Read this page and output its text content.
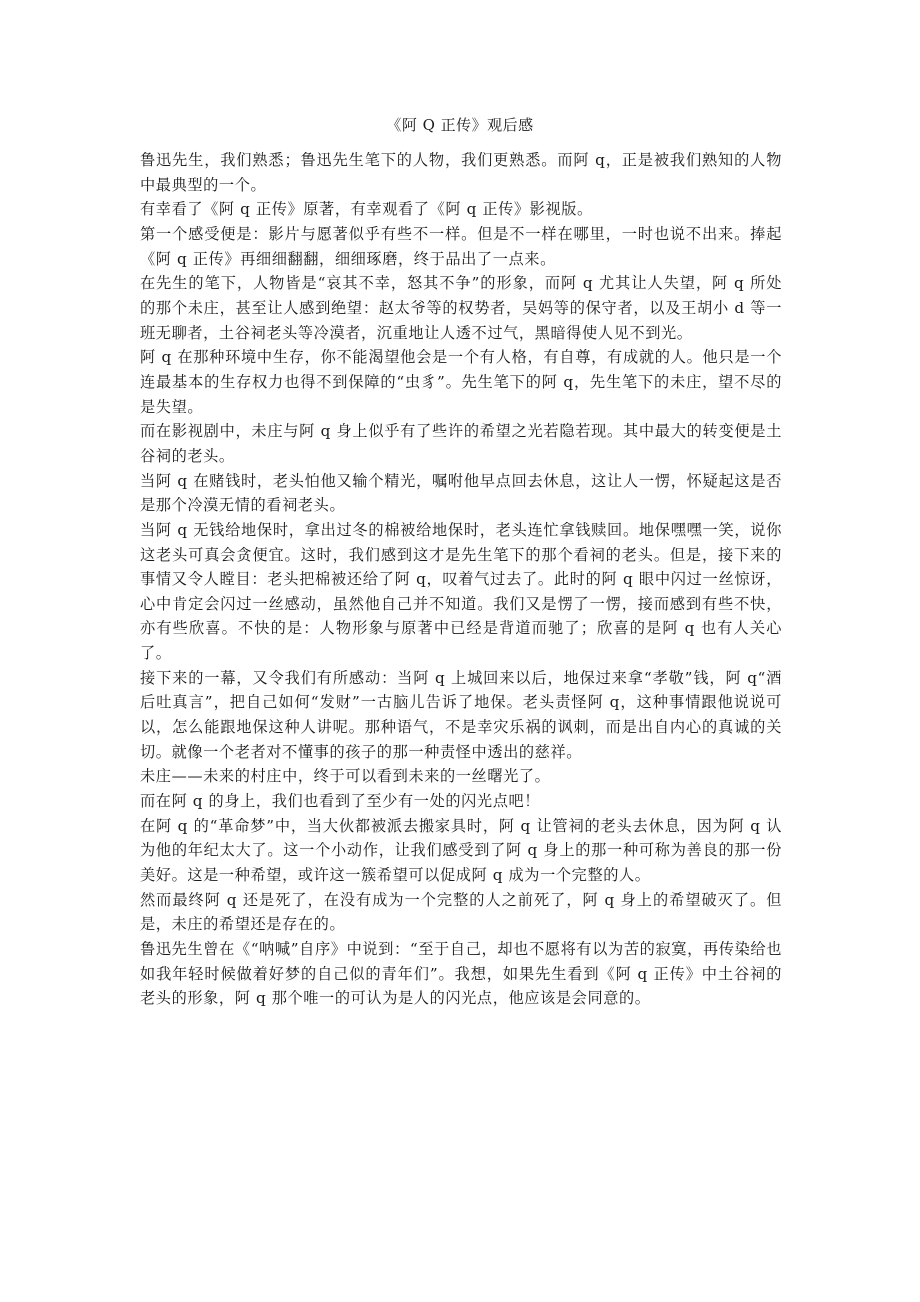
《阿 Q 正传》观后感

鲁迅先生，我们熟悉；鲁迅先生笔下的人物，我们更熟悉。而阿 q，正是被我们熟知的人物中最典型的一个。

有幸看了《阿 q 正传》原著，有幸观看了《阿 q 正传》影视版。

第一个感受便是：影片与愿著似乎有些不一样。但是不一样在哪里，一时也说不出来。捧起《阿 q 正传》再细细翻翻，细细琢磨，终于品出了一点来。

在先生的笔下，人物皆是“哀其不幸，怒其不争”的形象，而阿 q 尤其让人失望，阿 q 所处的那个未庄，甚至让人感到绝望：赵太爷等的权势者，吴妈等的保守者，以及王胡小 d 等一班无聊者，土谷祠老头等冷漠者，沉重地让人透不过气，黑暗得使人见不到光。

阿 q 在那种环境中生存，你不能渴望他会是一个有人格，有自尊，有成就的人。他只是一个连最基本的生存权力也得不到保障的“虫豸”。先生笔下的阿 q，先生笔下的未庄，望不尽的是失望。

而在影视剧中，未庄与阿 q 身上似乎有了些许的希望之光若隐若现。其中最大的转变便是土谷祠的老头。

当阿 q 在赌钱时，老头怕他又输个精光，嘱咐他早点回去休息，这让人一愣，怀疑起这是否是那个冷漠无情的看祠老头。

当阿 q 无钱给地保时，拿出过冬的棉被给地保时，老头连忙拿钱赎回。地保嘿嘿一笑，说你这老头可真会贪便宜。这时，我们感到这才是先生笔下的那个看祠的老头。但是，接下来的事情又令人瞠目：老头把棉被还给了阿 q，叹着气过去了。此时的阿 q 眼中闪过一丝惊讶，心中肯定会闪过一丝感动，虽然他自己并不知道。我们又是愣了一愣，接而感到有些不快，亦有些欣喜。不快的是：人物形象与原著中已经是背道而驰了；欣喜的是阿 q 也有人关心了。

接下来的一幕，又令我们有所感动：当阿 q 上城回来以后，地保过来拿“孝敬”钱，阿 q“酒后吐真言”，把自己如何“发财”一古脑儿告诉了地保。老头责怪阿 q，这种事情跟他说说可以，怎么能跟地保这种人讲呢。那种语气，不是幸灾乐祸的讽刺，而是出自内心的真诚的关切。就像一个老者对不懂事的孩子的那一种责怪中透出的慈祥。

未庄——未来的村庄中，终于可以看到未来的一丝曙光了。

而在阿 q 的身上，我们也看到了至少有一处的闪光点吧！

在阿 q 的“革命梦”中，当大伙都被派去搬家具时，阿 q 让管祠的老头去休息，因为阿 q 认为他的年纪太大了。这一个小动作，让我们感受到了阿 q 身上的那一种可称为善良的那一份美好。这是一种希望，或许这一簇希望可以促成阿 q 成为一个完整的人。

然而最终阿 q 还是死了，在没有成为一个完整的人之前死了，阿 q 身上的希望破灭了。但是，未庄的希望还是存在的。

鲁迅先生曾在《“呐喊”自序》中说到：“至于自己，却也不愿将有以为苦的寂寞，再传染给也如我年轻时候做着好梦的自己似的青年们”。我想，如果先生看到《阿 q 正传》中土谷祠的老头的形象，阿 q 那个唯一的可认为是人的闪光点，他应该是会同意的。
